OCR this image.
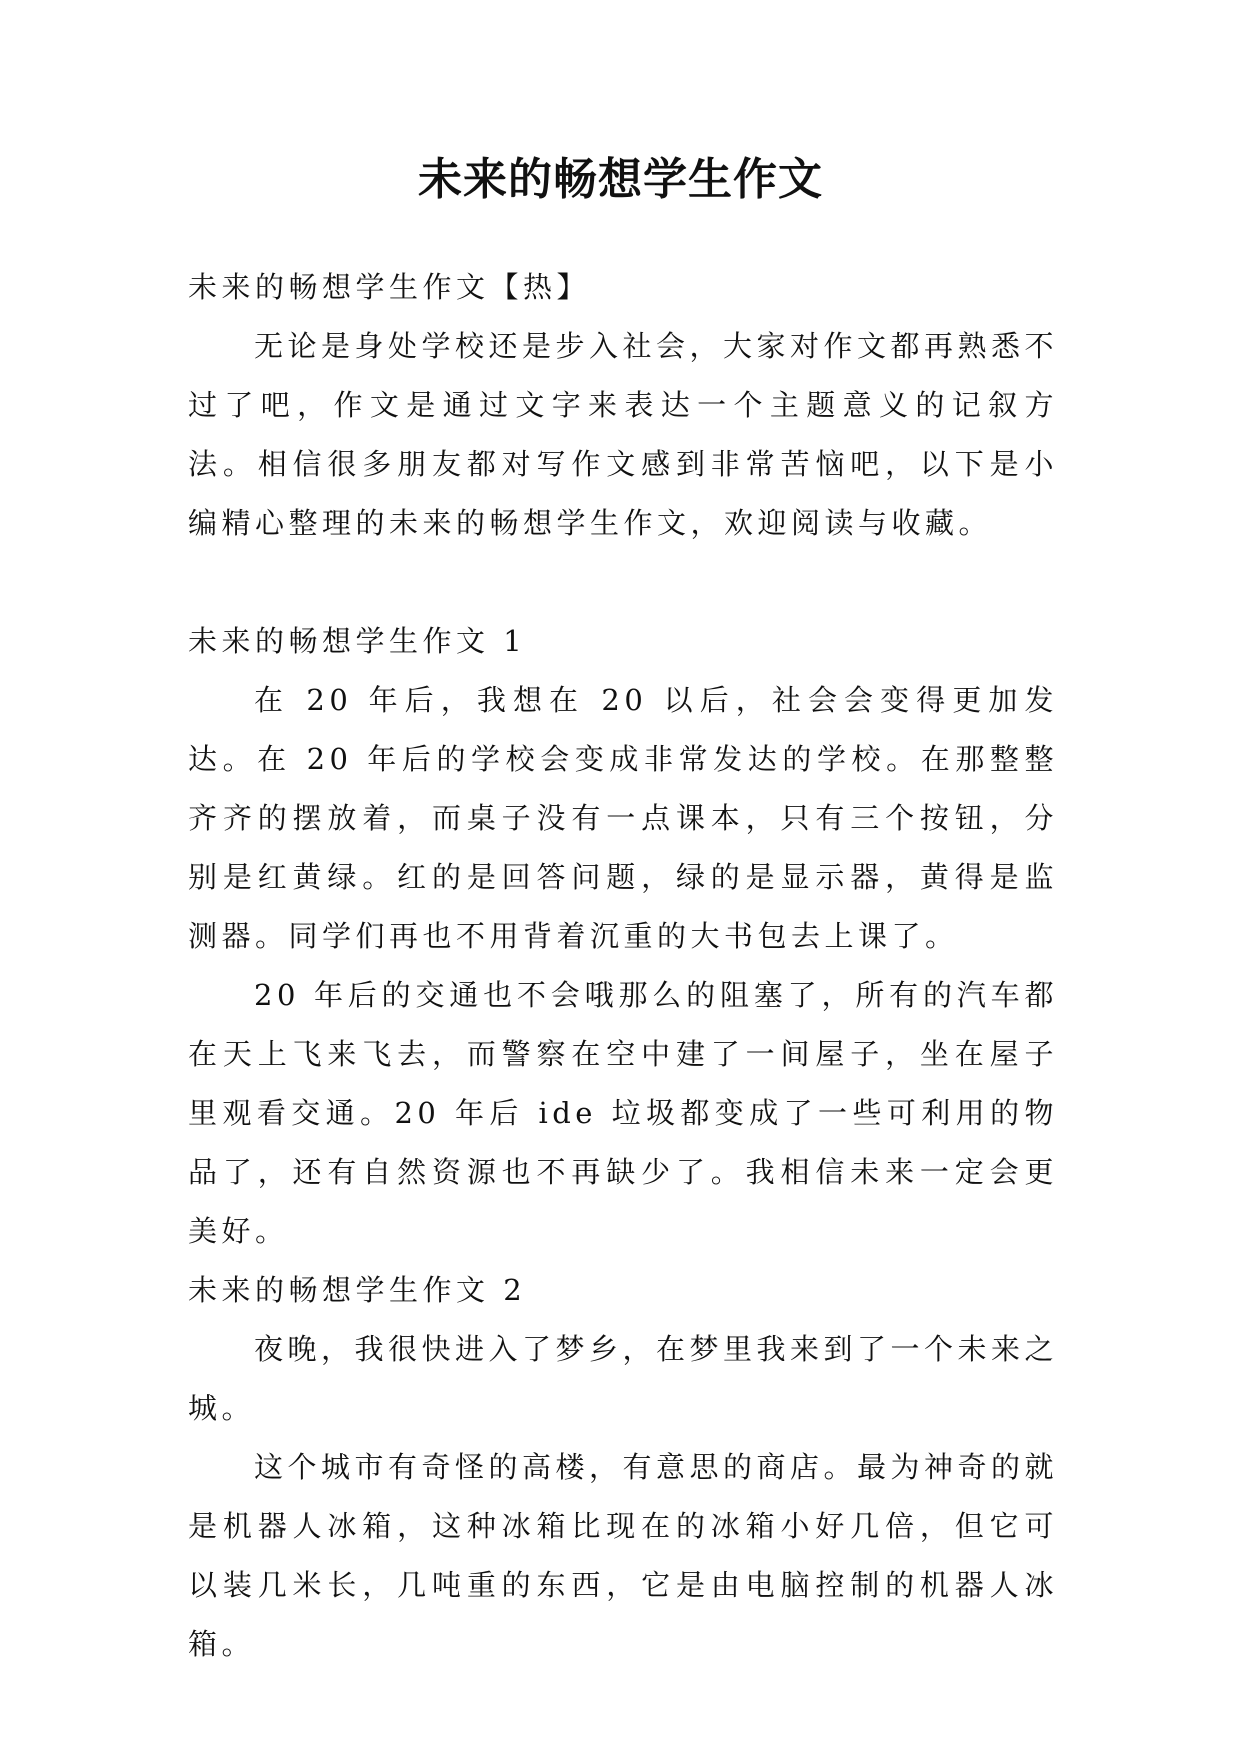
未来的畅想学生作文

未来的畅想学生作文【热】

无论是身处学校还是步入社会，大家对作文都再熟悉不过了吧，作文是通过文字来表达一个主题意义的记叙方法。相信很多朋友都对写作文感到非常苦恼吧，以下是小编精心整理的未来的畅想学生作文，欢迎阅读与收藏。

未来的畅想学生作文 1

在 20 年后，我想在 20 以后，社会会变得更加发达。在 20 年后的学校会变成非常发达的学校。在那整整齐齐的摆放着，而桌子没有一点课本，只有三个按钮，分别是红黄绿。红的是回答问题，绿的是显示器，黄得是监测器。同学们再也不用背着沉重的大书包去上课了。

20 年后的交通也不会哦那么的阻塞了，所有的汽车都在天上飞来飞去，而警察在空中建了一间屋子，坐在屋子里观看交通。20 年后 ide 垃圾都变成了一些可利用的物品了，还有自然资源也不再缺少了。我相信未来一定会更美好。

未来的畅想学生作文 2

夜晚，我很快进入了梦乡，在梦里我来到了一个未来之城。

这个城市有奇怪的高楼，有意思的商店。最为神奇的就是机器人冰箱，这种冰箱比现在的冰箱小好几倍，但它可以装几米长，几吨重的东西，它是由电脑控制的机器人冰箱。
